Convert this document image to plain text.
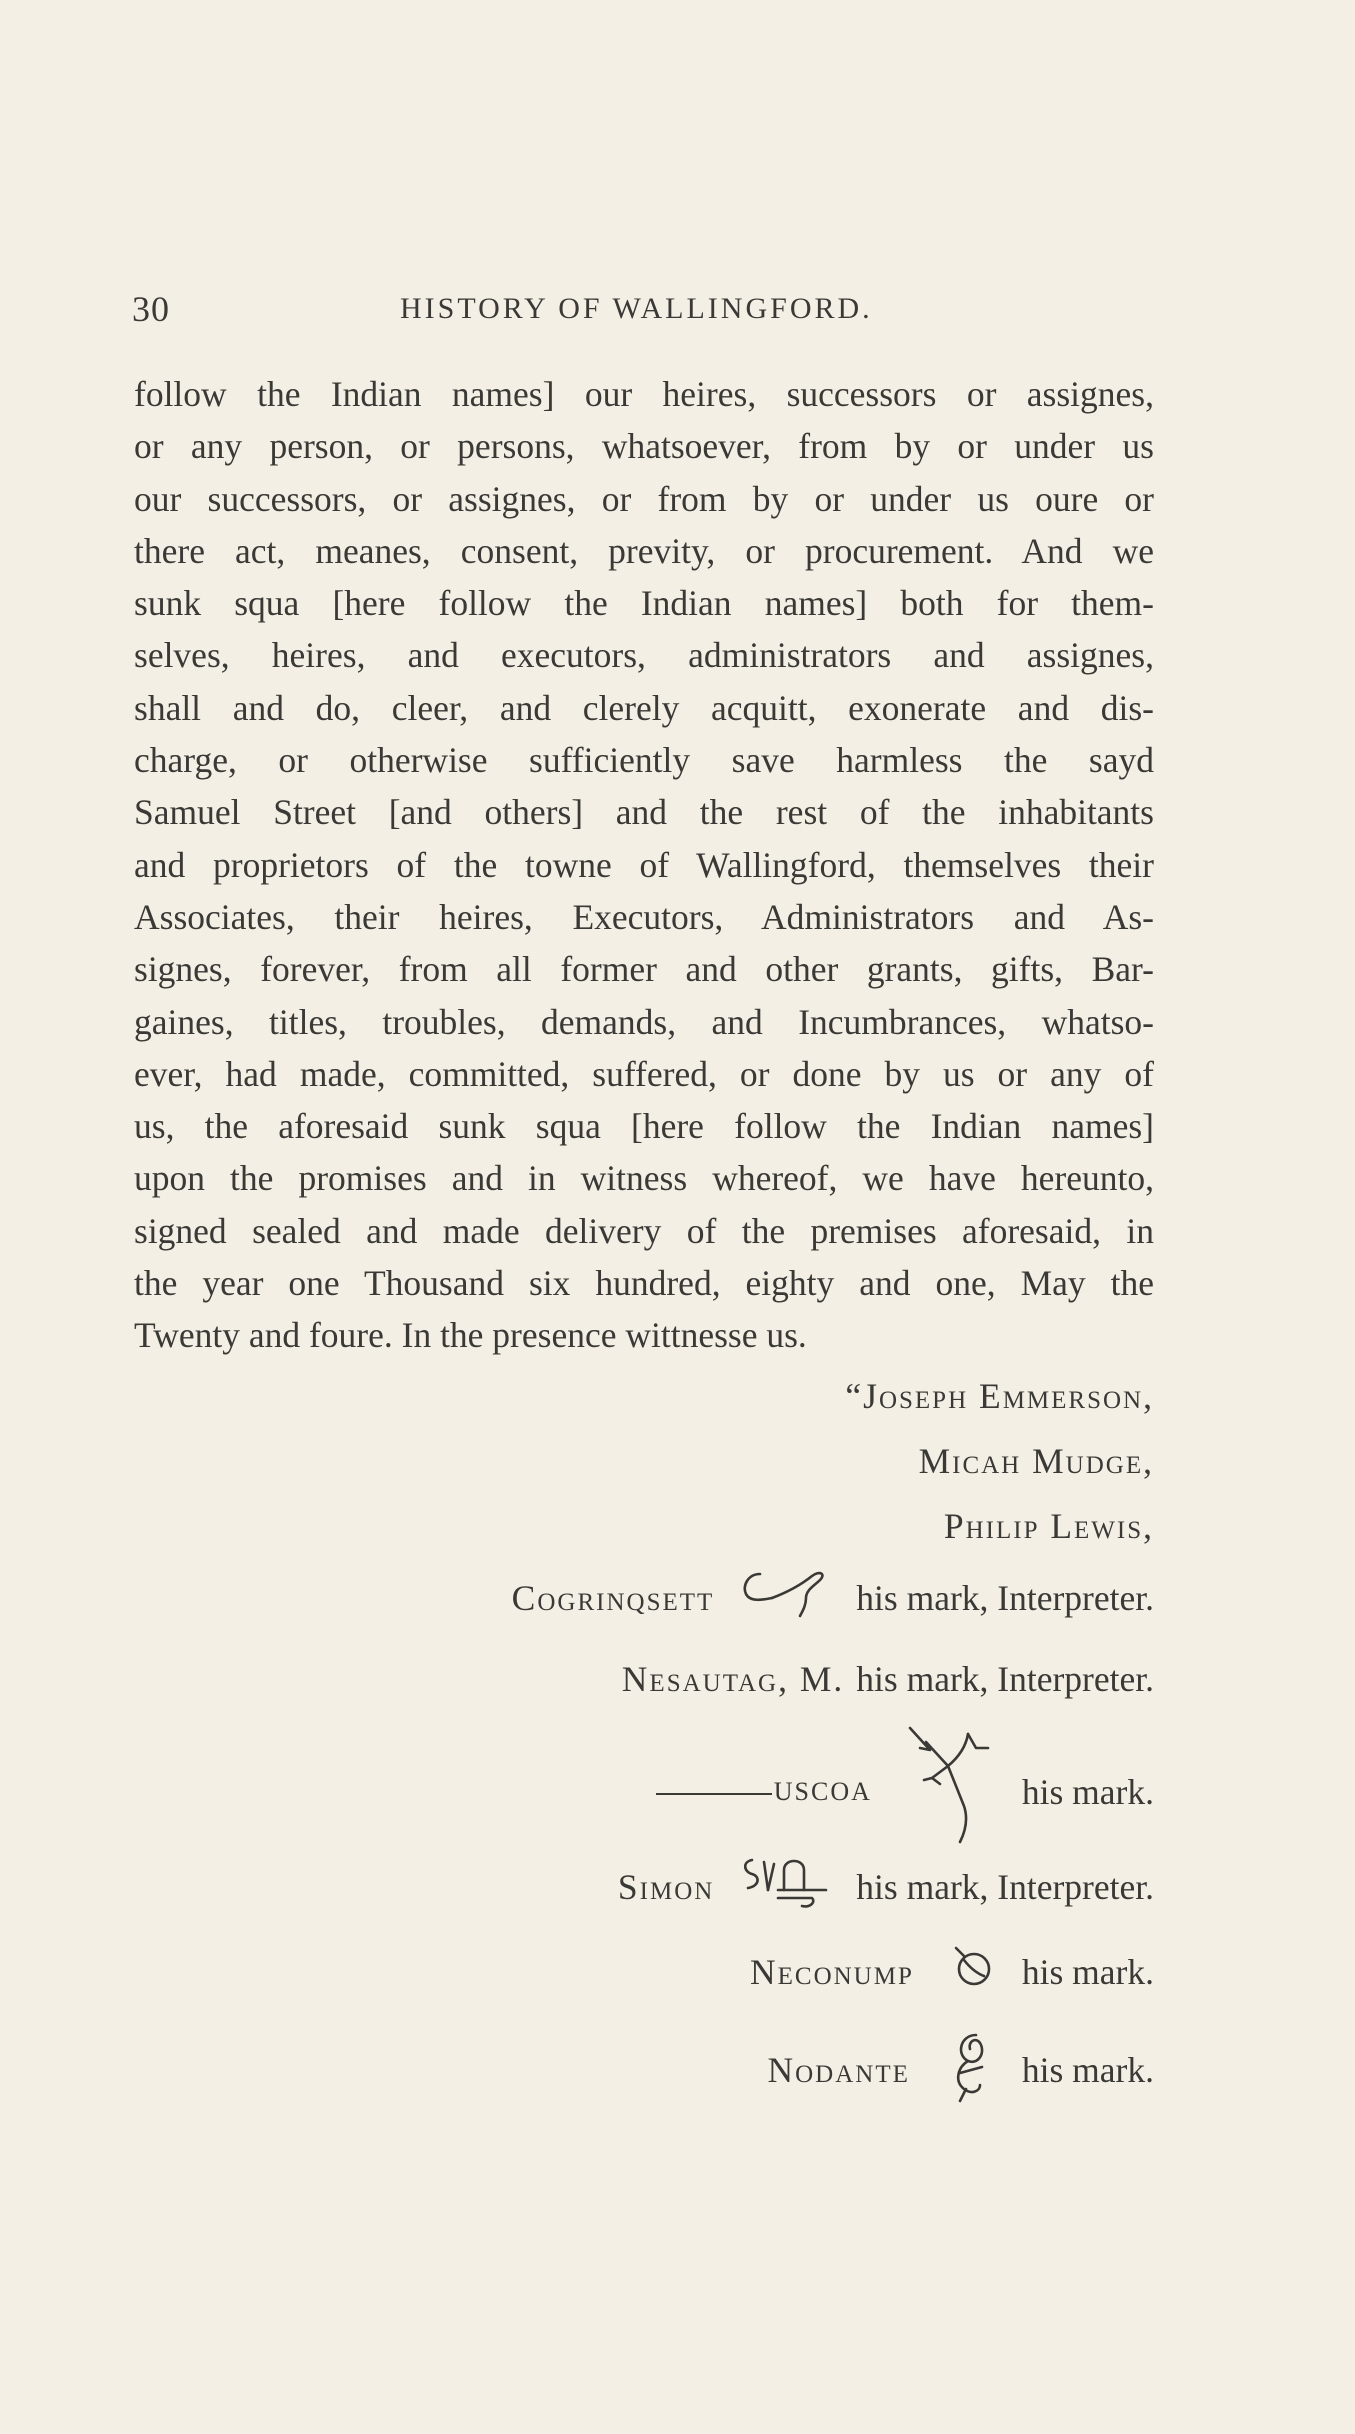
30	HISTORY OF WALLINGFORD.
follow the Indian names] our heires, successors or assignes,
or any person, or persons, whatsoever, from by or under us
our successors, or assignes, or from by or under us oure or
there act, meanes, consent, previty, or procurement. And we
sunk squa [here follow the Indian names] both for them-
selves, heires, and executors, administrators and assignes,
shall and do, cleer, and clerely acquitt, exonerate and dis-
charge, or otherwise sufficiently save harmless the sayd
Samuel Street [and others] and the rest of the inhabitants
and proprietors of the towne of Wallingford, themselves their
Associates, their heires, Executors, Administrators and As-
signes, forever, from all former and other grants, gifts, Bar-
gaines, titles, troubles, demands, and Incumbrances, whatso-
ever, had made, committed, suffered, or done by us or any of
us, the aforesaid sunk squa [here follow the Indian names]
upon the promises and in witness whereof, we have hereunto,
signed sealed and made delivery of the premises aforesaid, in
the year one Thousand six hundred, eighty and one, May the
Twenty and foure. In the presence wittnesse us.
“Joseph Emmerson,
Micah Mudge,
Philip Lewis,
Cogrinqsett	his mark, Interpreter.
Nesautag, M. his mark, Interpreter.
USCOA	his mark.
Simon	his mark, Interpreter.
Neconump	his mark.
Nodante	his mark.
